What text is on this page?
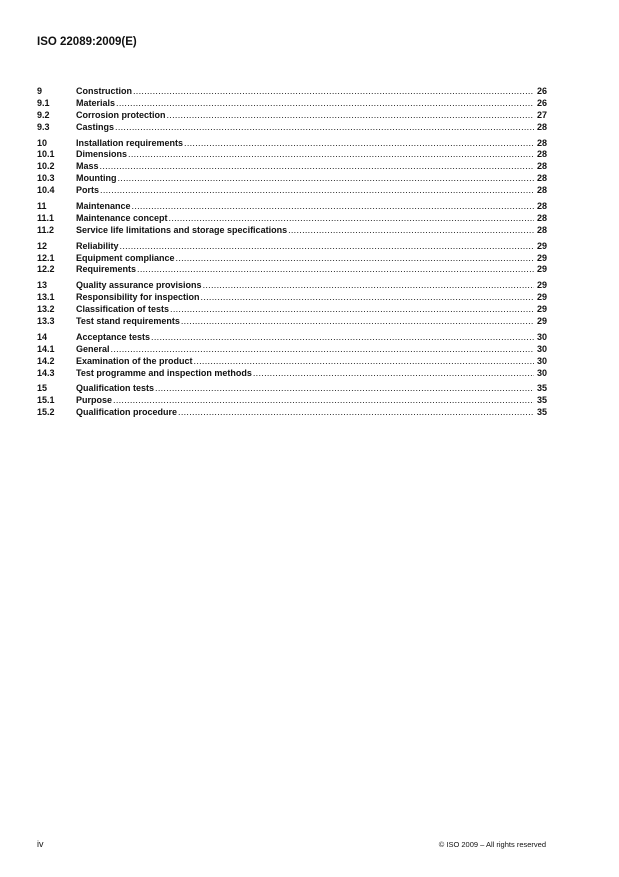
ISO 22089:2009(E)
9	Construction .....	26
9.1	Materials .....	26
9.2	Corrosion protection .....	27
9.3	Castings .....	28
10	Installation requirements .....	28
10.1	Dimensions .....	28
10.2	Mass .....	28
10.3	Mounting .....	28
10.4	Ports .....	28
11	Maintenance .....	28
11.1	Maintenance concept .....	28
11.2	Service life limitations and storage specifications .....	28
12	Reliability .....	29
12.1	Equipment compliance .....	29
12.2	Requirements .....	29
13	Quality assurance provisions .....	29
13.1	Responsibility for inspection .....	29
13.2	Classification of tests .....	29
13.3	Test stand requirements .....	29
14	Acceptance tests .....	30
14.1	General .....	30
14.2	Examination of the product .....	30
14.3	Test programme and inspection methods .....	30
15	Qualification tests .....	35
15.1	Purpose .....	35
15.2	Qualification procedure .....	35
iv	© ISO 2009 – All rights reserved
